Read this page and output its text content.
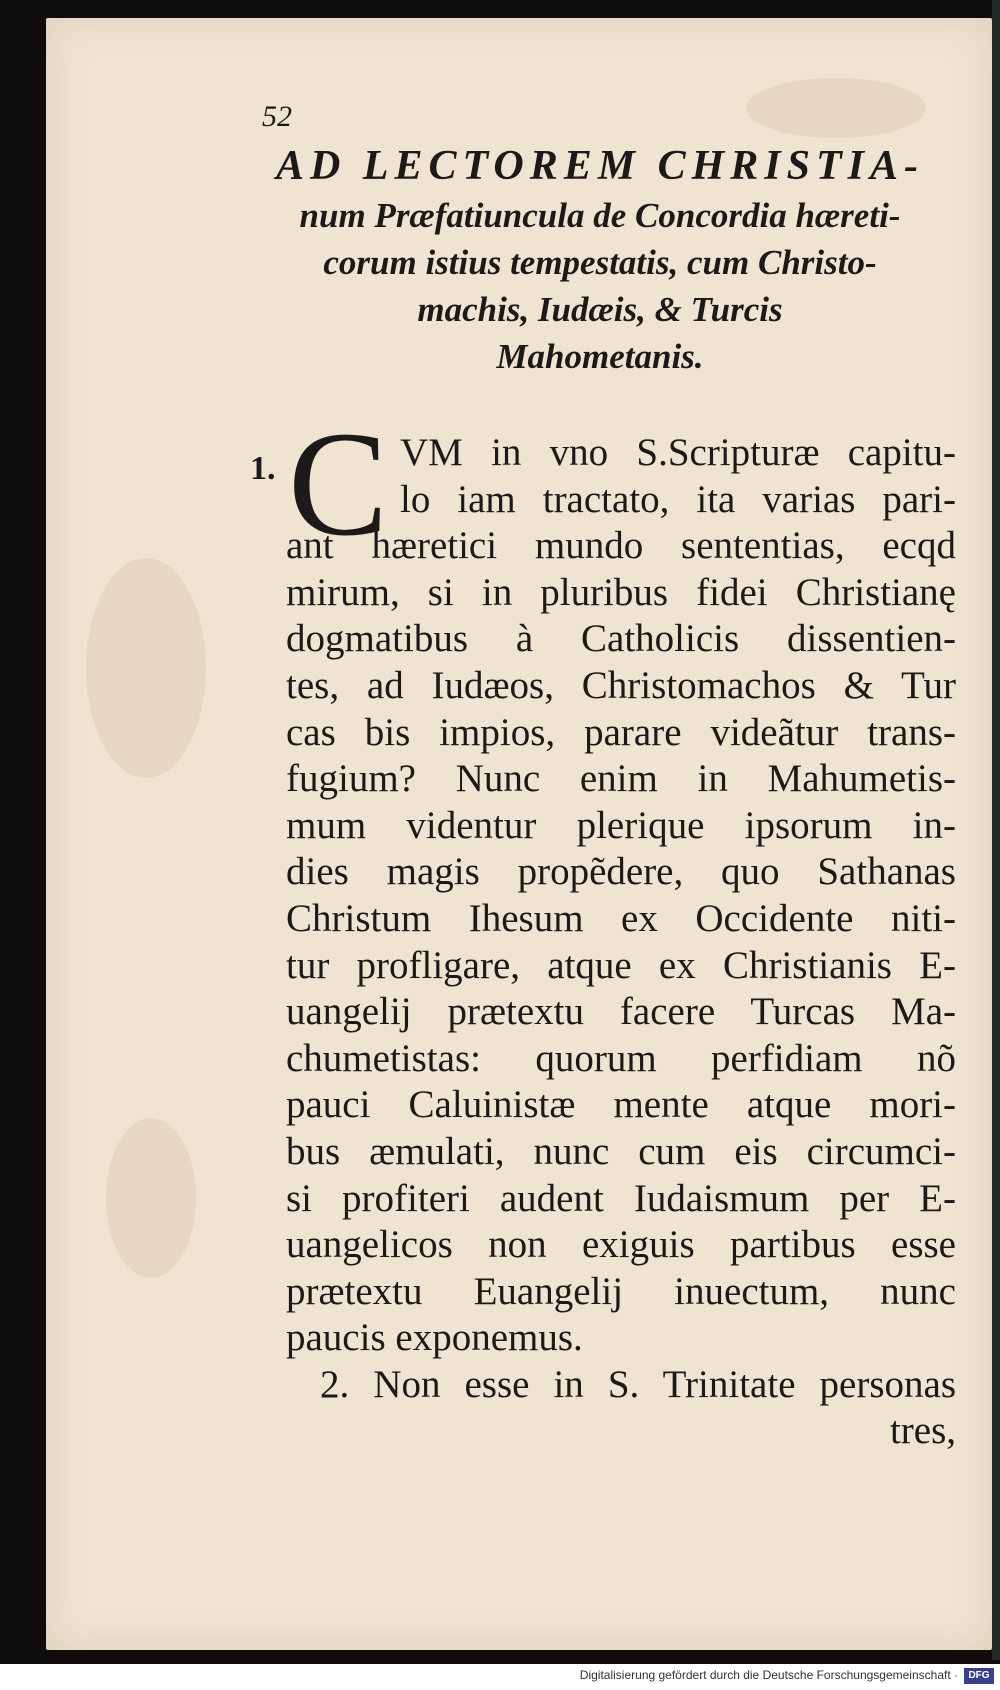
52
AD LECTOREM CHRISTIA-
num Præfatiuncula de Concordia hæreti-
corum istius tempestatis, cum Christo-
machis, Iudæis, & Turcis
Mahometanis.
1. C VM in vno S.Scripturæ capitu-
lo iam tractato, ita varias pari-
ant hæretici mundo sententias, ecqd
mirum, si in pluribus fidei Christianę
dogmatibus à Catholicis dissentien-
tes, ad Iudæos, Christomachos & Tur
cas bis impios, parare videãtur trans-
fugium? Nunc enim in Mahumetis-
mum videntur plerique ipsorum in-
dies magis propẽdere, quo Sathanas
Christum Ihesum ex Occidente niti-
tur profligare, atque ex Christianis E-
uangelij prætextu facere Turcas Ma-
chumetistas: quorum perfidiam nõ
pauci Caluinistæ mente atque mori-
bus æmulati, nunc cum eis circumci-
si profiteri audent Iudaismum per E-
uangelicos non exiguis partibus esse
prætextu Euangelij inuectum, nunc
paucis exponemus.
2. Non esse in S. Trinitate personas
tres,
Digitalisierung gefördert durch die Deutsche Forschungsgemeinschaft ·	DFG
